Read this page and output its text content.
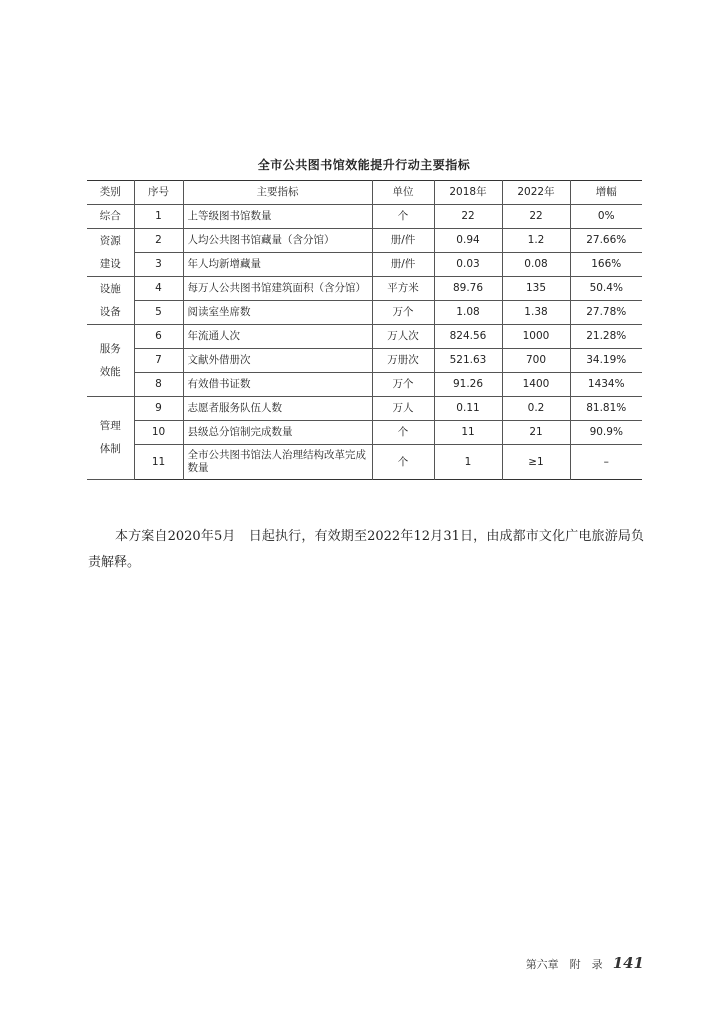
全市公共图书馆效能提升行动主要指标
类别	序号	主要指标	单位	2018年	2022年	增幅

综合	1	上等级图书馆数量	个	22	22	0%

资源
建设	2	人均公共图书馆藏量（含分馆）	册/件	0.94	1.2	27.66%
	3	年人均新增藏量	册/件	0.03	0.08	166%

设施
设备	4	每万人公共图书馆建筑面积（含分馆）	平方米	89.76	135	50.4%
	5	阅读室坐席数	万个	1.08	1.38	27.78%

服务
效能	6	年流通人次	万人次	824.56	1000	21.28%
	7	文献外借册次	万册次	521.63	700	34.19%
	8	有效借书证数	万个	91.26	1400	1434%

管理
体制	9	志愿者服务队伍人数	万人	0.11	0.2	81.81%
	10	县级总分馆制完成数量	个	11	21	90.9%
	11	全市公共图书馆法人治理结构改革完成数量	个	1	≥1	–

本方案自2020年5月　日起执行，有效期至2022年12月31日，由成都市文化广电旅游局负责解释。

第六章　附　录 141
